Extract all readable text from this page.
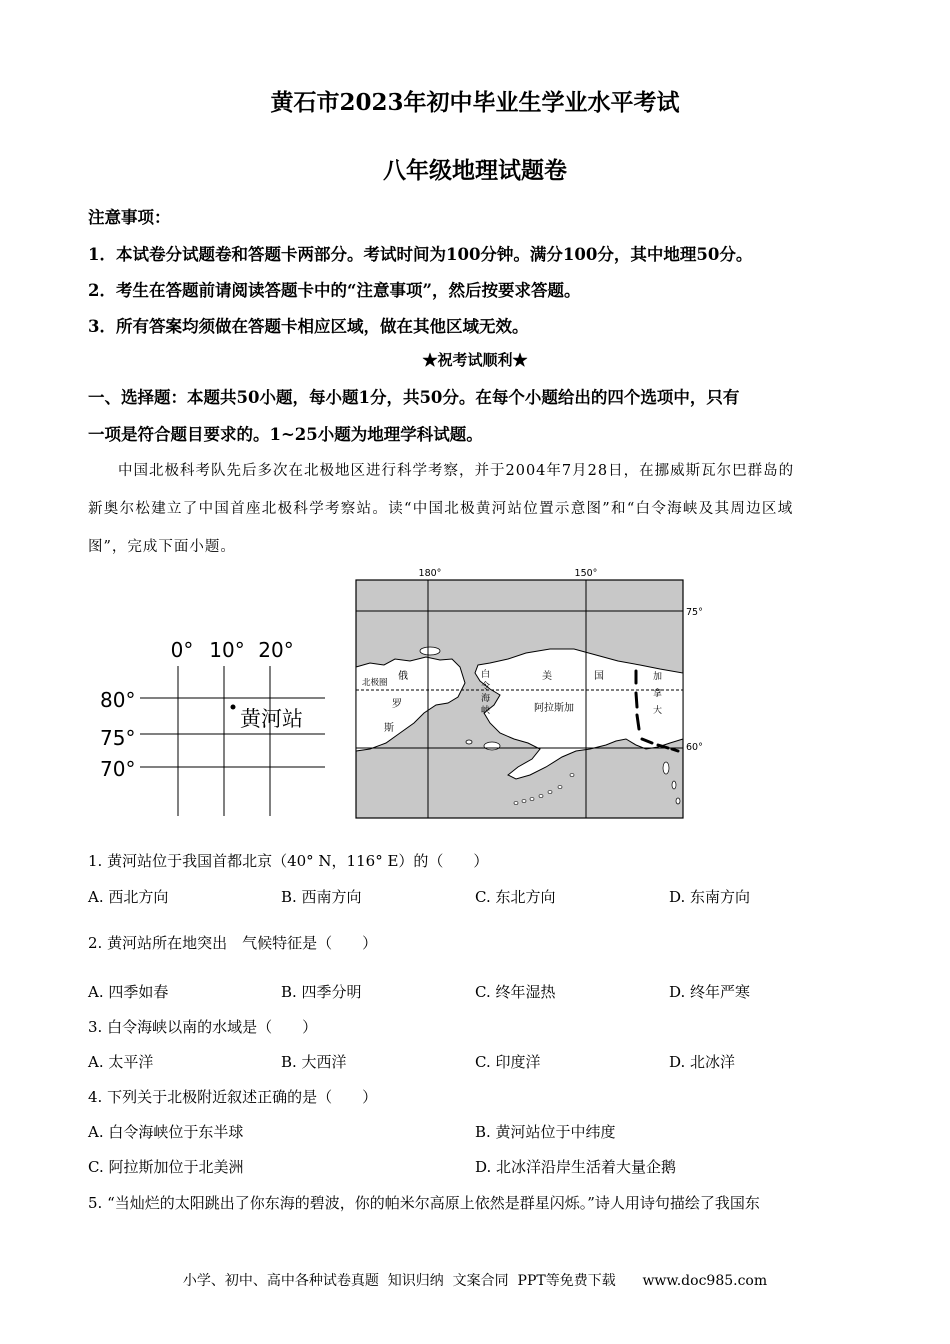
黄石市2023年初中毕业生学业水平考试
八年级地理试题卷
注意事项：
1．本试卷分试题卷和答题卡两部分。考试时间为100分钟。满分100分，其中地理50分。
2．考生在答题前请阅读答题卡中的“注意事项”，然后按要求答题。
3．所有答案均须做在答题卡相应区域，做在其他区域无效。
★祝考试顺利★
一、选择题：本题共50小题，每小题1分，共50分。在每个小题给出的四个选项中，只有
一项是符合题目要求的。1~25小题为地理学科试题。
中国北极科考队先后多次在北极地区进行科学考察，并于2004年7月28日，在挪威斯瓦尔巴群岛的
新奥尔松建立了中国首座北极科学考察站。读“中国北极黄河站位置示意图”和“白令海峡及其周边区域
图”，完成下面小题。
0° 10° 20°
80°
75°
70°
黄河站
180°	150°
75°
60°
北极圈
俄
罗
斯
白
令
海
峡
美	国
阿拉斯加
加
拿
大
1. 黄河站位于我国首都北京（40° N，116° E）的（　　）
A. 西北方向	B. 西南方向	C. 东北方向	D. 东南方向
2. 黄河站所在地突出　气候特征是（　　）
A. 四季如春	B. 四季分明	C. 终年湿热	D. 终年严寒
3. 白令海峡以南的水域是（　　）
A. 太平洋	B. 大西洋	C. 印度洋	D. 北冰洋
4. 下列关于北极附近叙述正确的是（　　）
A. 白令海峡位于东半球	B. 黄河站位于中纬度
C. 阿拉斯加位于北美洲	D. 北冰洋沿岸生活着大量企鹅
5. “当灿烂的太阳跳出了你东海的碧波，你的帕米尔高原上依然是群星闪烁。”诗人用诗句描绘了我国东
小学、初中、高中各种试卷真题  知识归纳  文案合同  PPT等免费下载      www.doc985.com
